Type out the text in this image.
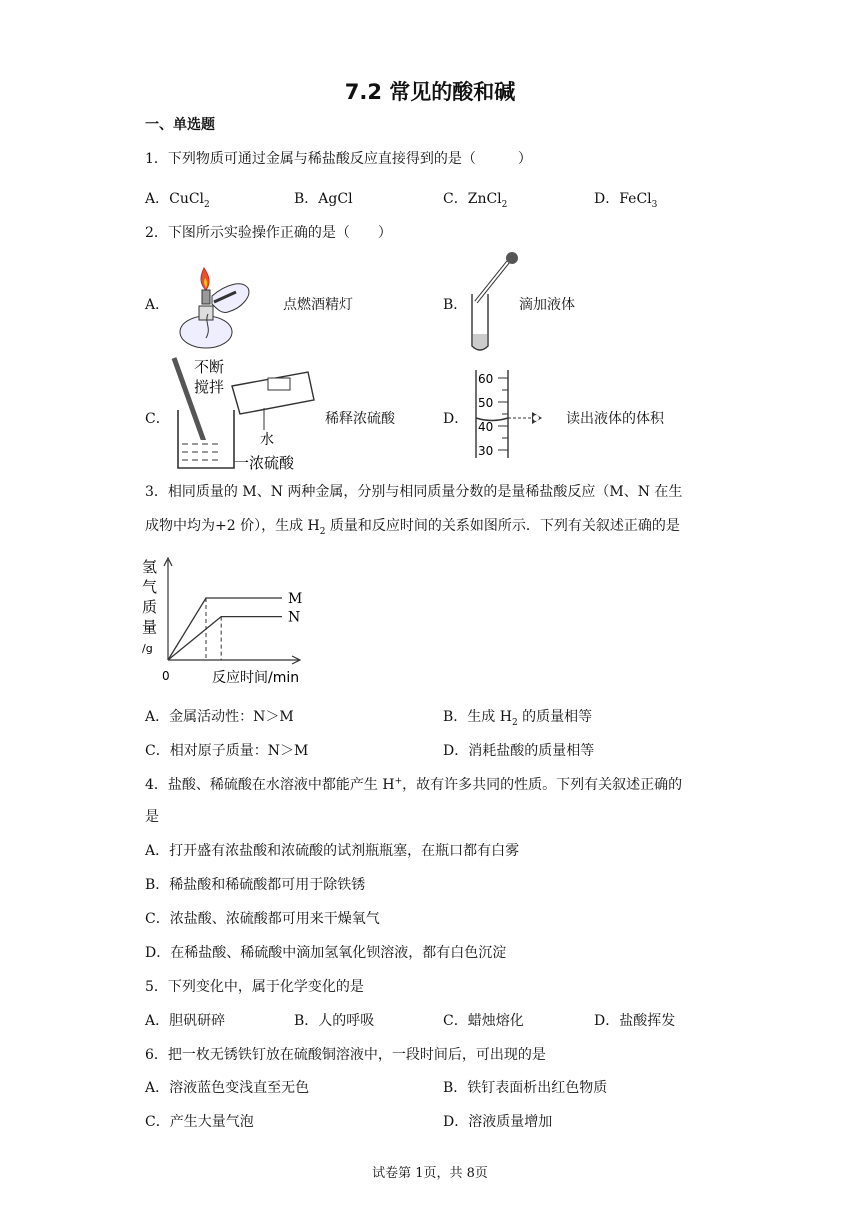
7.2 常见的酸和碱
一、单选题
1．下列物质可通过金属与稀盐酸反应直接得到的是（　　　）
A．CuCl$_2$	B．AgCl	C．ZnCl$_2$	D．FeCl$_3$
2．下图所示实验操作正确的是（　　）
A．	点燃酒精灯	B．	滴加液体
C．
不断
搅拌
水
一浓硫酸
稀释浓硫酸	D．
60
50
40
30
读出液体的体积
3．相同质量的 M、N 两种金属，分别与相同质量分数的是量稀盐酸反应（M、N 在生
成物中均为+2 价），生成 $H_2$ 质量和反应时间的关系如图所示．下列有关叙述正确的是
氢
气
质
量
/g
0	反应时间/min
M
N
A．金属活动性：N＞M	B．生成 $H_2$ 的质量相等
C．相对原子质量：N＞M	D．消耗盐酸的质量相等
4．盐酸、稀硫酸在水溶液中都能产生 H+，故有许多共同的性质。下列有关叙述正确的
是
A．打开盛有浓盐酸和浓硫酸的试剂瓶瓶塞，在瓶口都有白雾
B．稀盐酸和稀硫酸都可用于除铁锈
C．浓盐酸、浓硫酸都可用来干燥氧气
D．在稀盐酸、稀硫酸中滴加氢氧化钡溶液，都有白色沉淀
5．下列变化中，属于化学变化的是
A．胆矾研碎	B．人的呼吸	C．蜡烛熔化	D．盐酸挥发
6．把一枚无锈铁钉放在硫酸铜溶液中，一段时间后，可出现的是
A．溶液蓝色变浅直至无色	B．铁钉表面析出红色物质
C．产生大量气泡	D．溶液质量增加
试卷第 1页，共 8页
